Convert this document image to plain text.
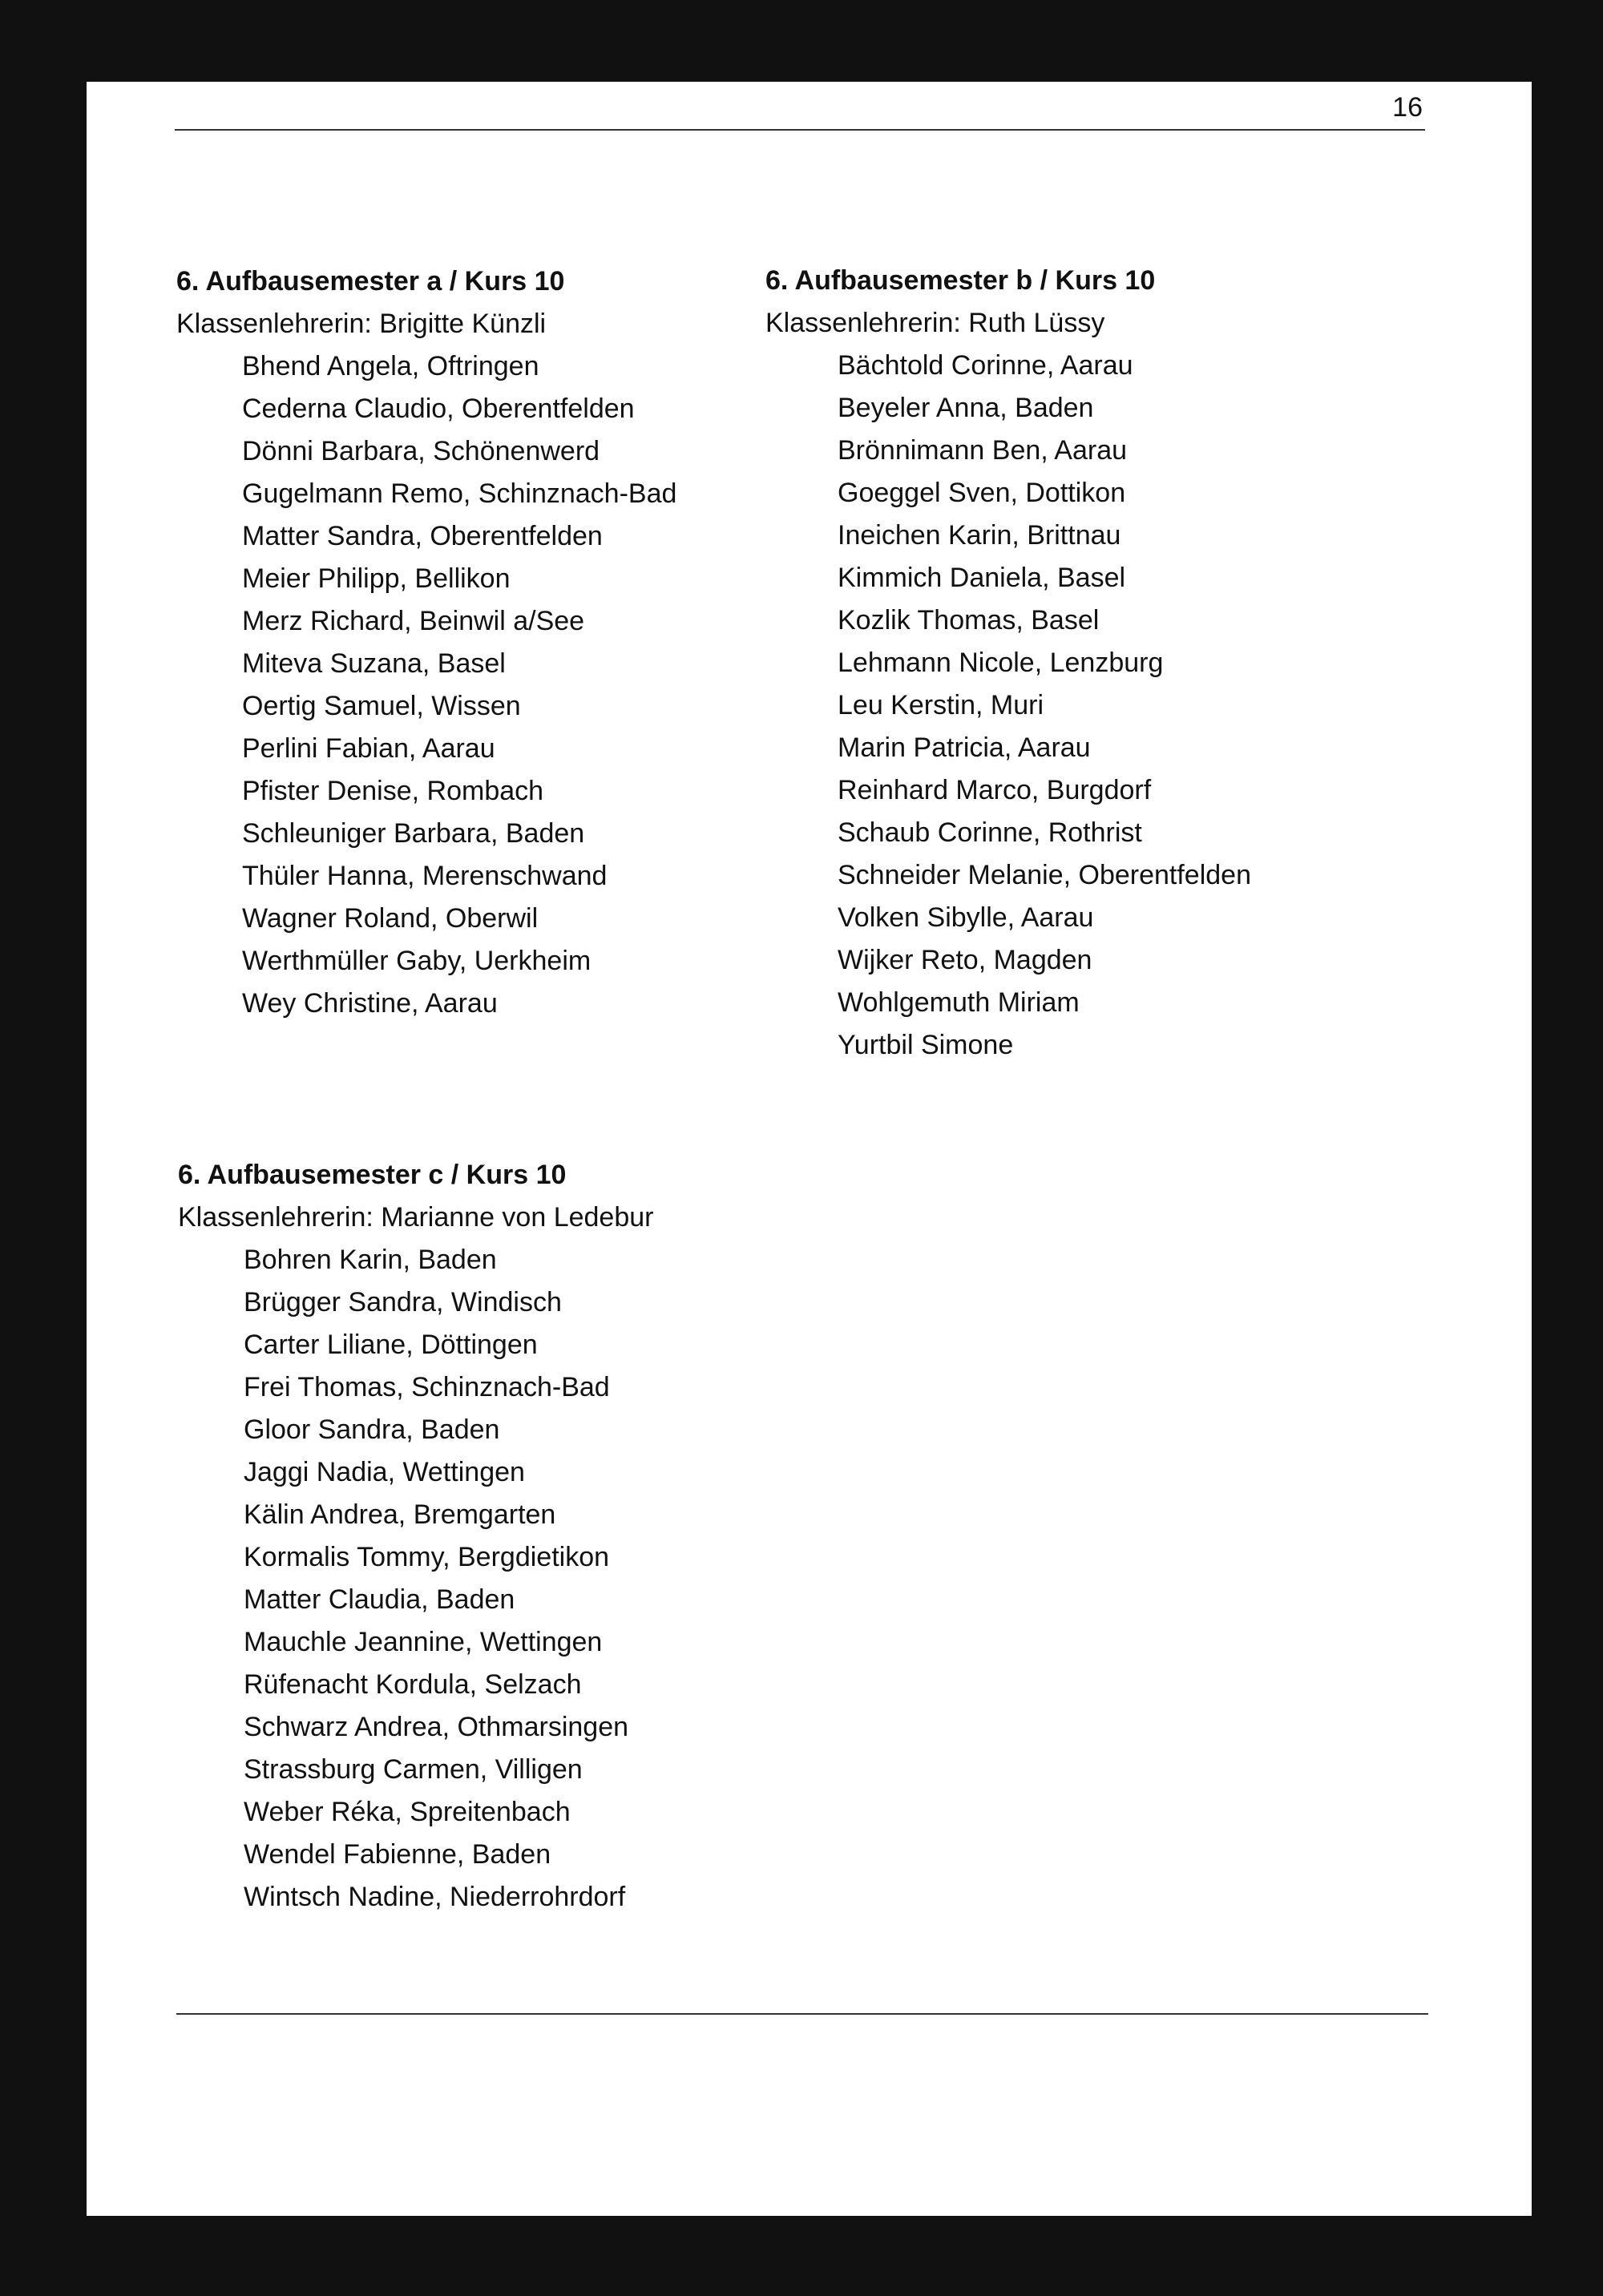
16
6. Aufbausemester a / Kurs 10
Klassenlehrerin: Brigitte Künzli
Bhend Angela, Oftringen
Cederna Claudio, Oberentfelden
Dönni Barbara, Schönenwerd
Gugelmann Remo, Schinznach-Bad
Matter Sandra, Oberentfelden
Meier Philipp, Bellikon
Merz Richard, Beinwil a/See
Miteva Suzana, Basel
Oertig Samuel, Wissen
Perlini Fabian, Aarau
Pfister Denise, Rombach
Schleuniger Barbara, Baden
Thüler Hanna, Merenschwand
Wagner Roland, Oberwil
Werthmüller Gaby, Uerkheim
Wey Christine, Aarau
6. Aufbausemester b / Kurs 10
Klassenlehrerin: Ruth Lüssy
Bächtold Corinne, Aarau
Beyeler Anna, Baden
Brönnimann Ben, Aarau
Goeggel Sven, Dottikon
Ineichen Karin, Brittnau
Kimmich Daniela, Basel
Kozlik Thomas, Basel
Lehmann Nicole, Lenzburg
Leu Kerstin, Muri
Marin Patricia, Aarau
Reinhard Marco, Burgdorf
Schaub Corinne, Rothrist
Schneider Melanie, Oberentfelden
Volken Sibylle, Aarau
Wijker Reto, Magden
Wohlgemuth Miriam
Yurtbil Simone
6. Aufbausemester c / Kurs 10
Klassenlehrerin: Marianne von Ledebur
Bohren Karin, Baden
Brügger Sandra, Windisch
Carter Liliane, Döttingen
Frei Thomas, Schinznach-Bad
Gloor Sandra, Baden
Jaggi Nadia, Wettingen
Kälin Andrea, Bremgarten
Kormalis Tommy, Bergdietikon
Matter Claudia, Baden
Mauchle Jeannine, Wettingen
Rüfenacht Kordula, Selzach
Schwarz Andrea, Othmarsingen
Strassburg Carmen, Villigen
Weber Réka, Spreitenbach
Wendel Fabienne, Baden
Wintsch Nadine, Niederrohrdorf
